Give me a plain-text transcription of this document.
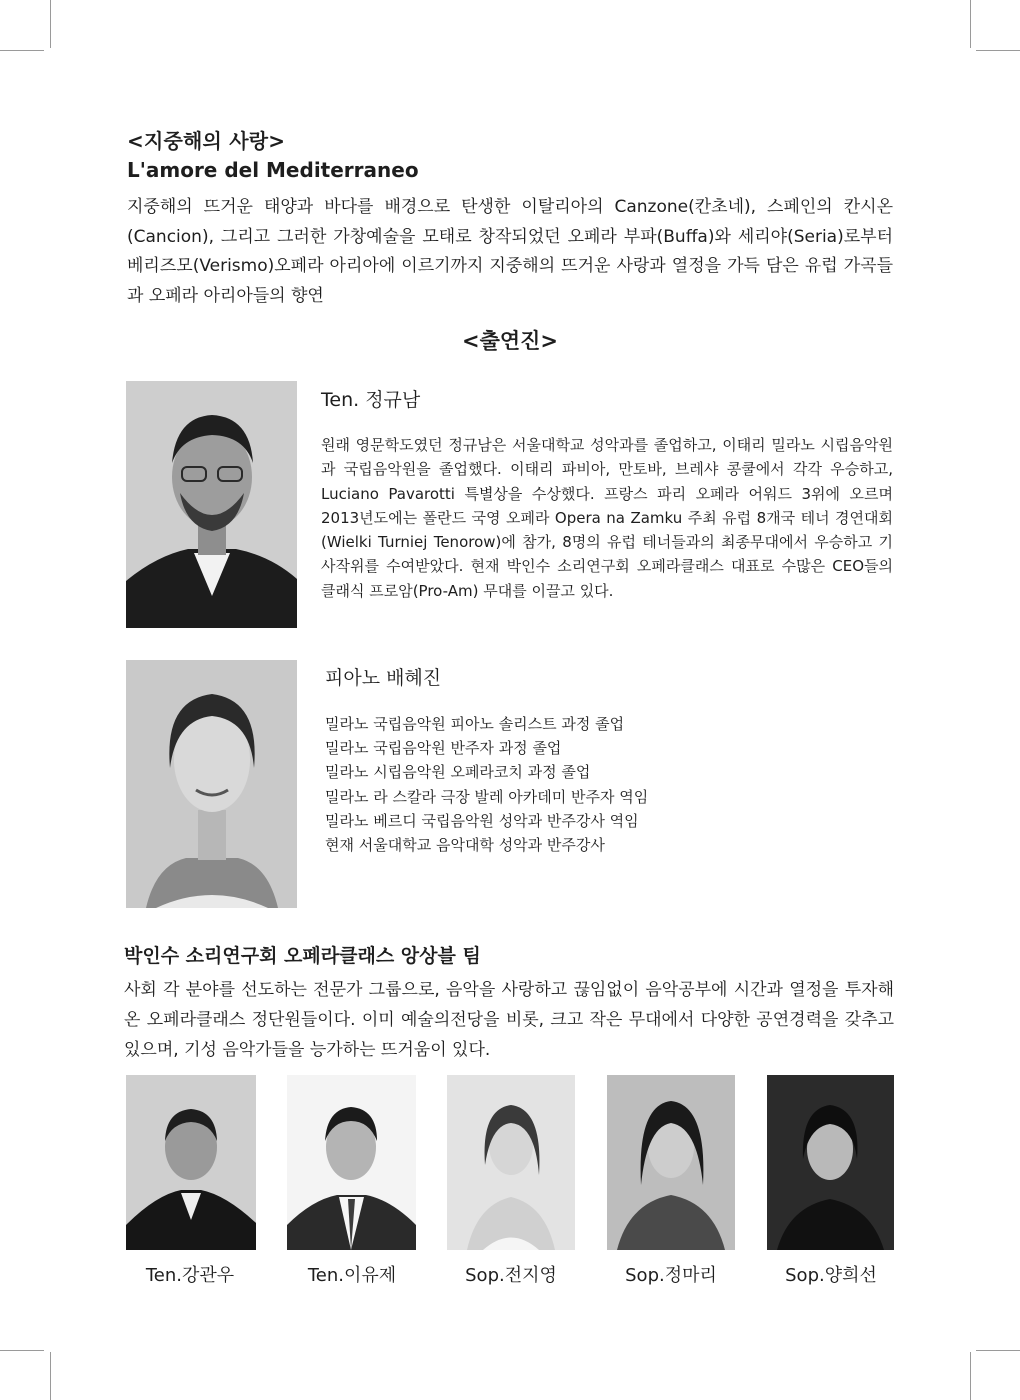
<지중해의 사랑>
L'amore del Mediterraneo

지중해의 뜨거운 태양과 바다를 배경으로 탄생한 이탈리아의 Canzone(칸초네), 스페인의 칸시온(Cancion), 그리고 그러한 가창예술을 모태로 창작되었던 오페라 부파(Buffa)와 세리야(Seria)로부터 베리즈모(Verismo)오페라 아리아에 이르기까지 지중해의 뜨거운 사랑과 열정을 가득 담은 유럽 가곡들과 오페라 아리아들의 향연

<출연진>
Ten. 정규남

원래 영문학도였던 정규남은 서울대학교 성악과를 졸업하고, 이태리 밀라노 시립음악원과 국립음악원을 졸업했다. 이태리 파비아, 만토바, 브레샤 콩쿨에서 각각 우승하고, Luciano Pavarotti 특별상을 수상했다. 프랑스 파리 오페라 어워드 3위에 오르며 2013년도에는 폴란드 국영 오페라 Opera na Zamku 주최 유럽 8개국 테너 경연대회(Wielki Turniej Tenorow)에 참가, 8명의 유럽 테너들과의 최종무대에서 우승하고 기사작위를 수여받았다. 현재 박인수 소리연구회 오페라클래스 대표로 수많은 CEO들의 클래식 프로암(Pro-Am) 무대를 이끌고 있다.

피아노 배혜진
밀라노 국립음악원 피아노 솔리스트 과정 졸업
밀라노 국립음악원 반주자 과정 졸업
밀라노 시립음악원 오페라코치 과정 졸업
밀라노 라 스칼라 극장 발레 아카데미 반주자 역임
밀라노 베르디 국립음악원 성악과 반주강사 역임
현재 서울대학교 음악대학 성악과 반주강사
박인수 소리연구회 오페라클래스 앙상블 팀

사회 각 분야를 선도하는 전문가 그룹으로, 음악을 사랑하고 끊임없이 음악공부에 시간과 열정을 투자해 온 오페라클래스 정단원들이다. 이미 예술의전당을 비롯, 크고 작은 무대에서 다양한 공연경력을 갖추고 있으며, 기성 음악가들을 능가하는 뜨거움이 있다.

Ten.강관우	Ten.이유제	Sop.전지영	Sop.정마리	Sop.양희선
